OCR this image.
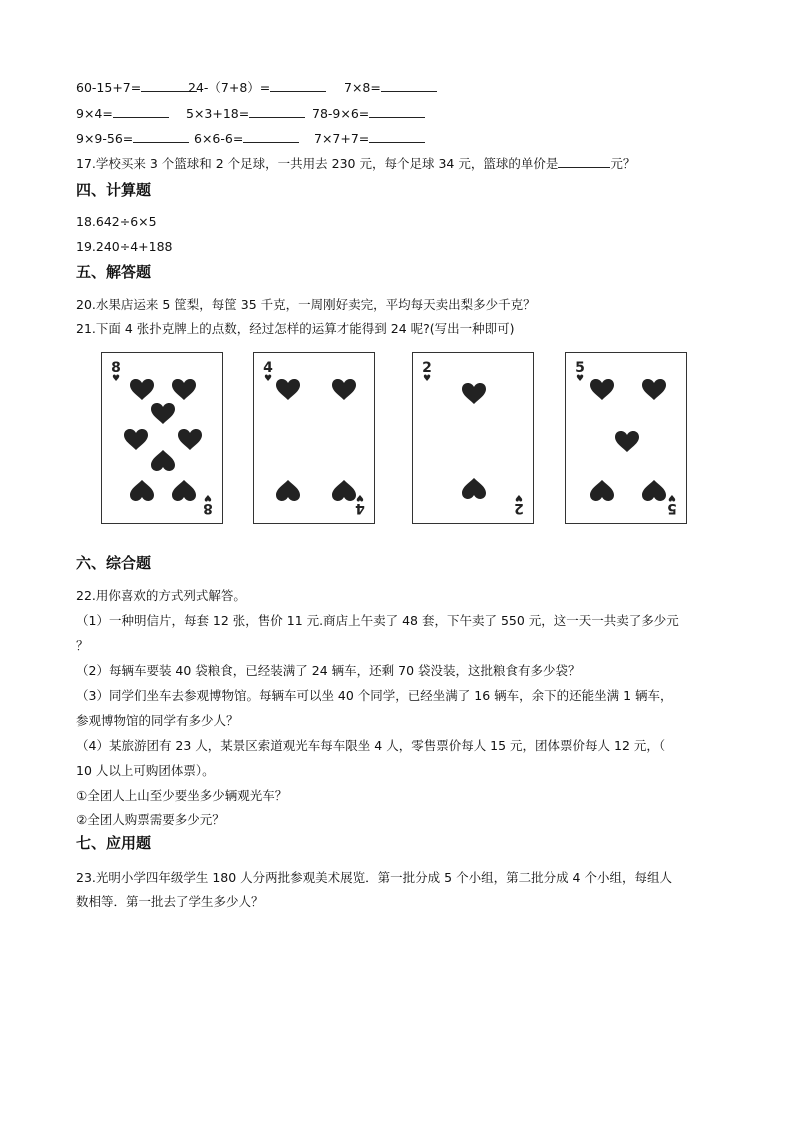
60-15+7=	24-（7+8）=	7×8=
9×4=	5×3+18=	78-9×6=
9×9-56=	6×6-6=	7×7+7=
17.学校买来 3 个篮球和 2 个足球，一共用去 230 元，每个足球 34 元，篮球的单价是	元？
四、计算题
18.642÷6×5
19.240÷4+188
五、解答题
20.水果店运来 5 筐梨，每筐 35 千克，一周刚好卖完，平均每天卖出梨多少千克？
21.下面 4 张扑克牌上的点数，经过怎样的运算才能得到 24 呢?(写出一种即可)
8
♥
8
♥
4
♥
4
♥
2
♥
2
♥
5
♥
5
♥
六、综合题
22.用你喜欢的方式列式解答。
（1）一种明信片，每套 12 张，售价 11 元.商店上午卖了 48 套，下午卖了 550 元，这一天一共卖了多少元
？
（2）每辆车要装 40 袋粮食，已经装满了 24 辆车，还剩 70 袋没装，这批粮食有多少袋？
（3）同学们坐车去参观博物馆。每辆车可以坐 40 个同学，已经坐满了 16 辆车，余下的还能坐满 1 辆车，
参观博物馆的同学有多少人？
（4）某旅游团有 23 人，某景区索道观光车每车限坐 4 人，零售票价每人 15 元，团体票价每人 12 元，（
10 人以上可购团体票）。
①全团人上山至少要坐多少辆观光车？
②全团人购票需要多少元？
七、应用题
23.光明小学四年级学生 180 人分两批参观美术展览．第一批分成 5 个小组，第二批分成 4 个小组，每组人
数相等．第一批去了学生多少人？
